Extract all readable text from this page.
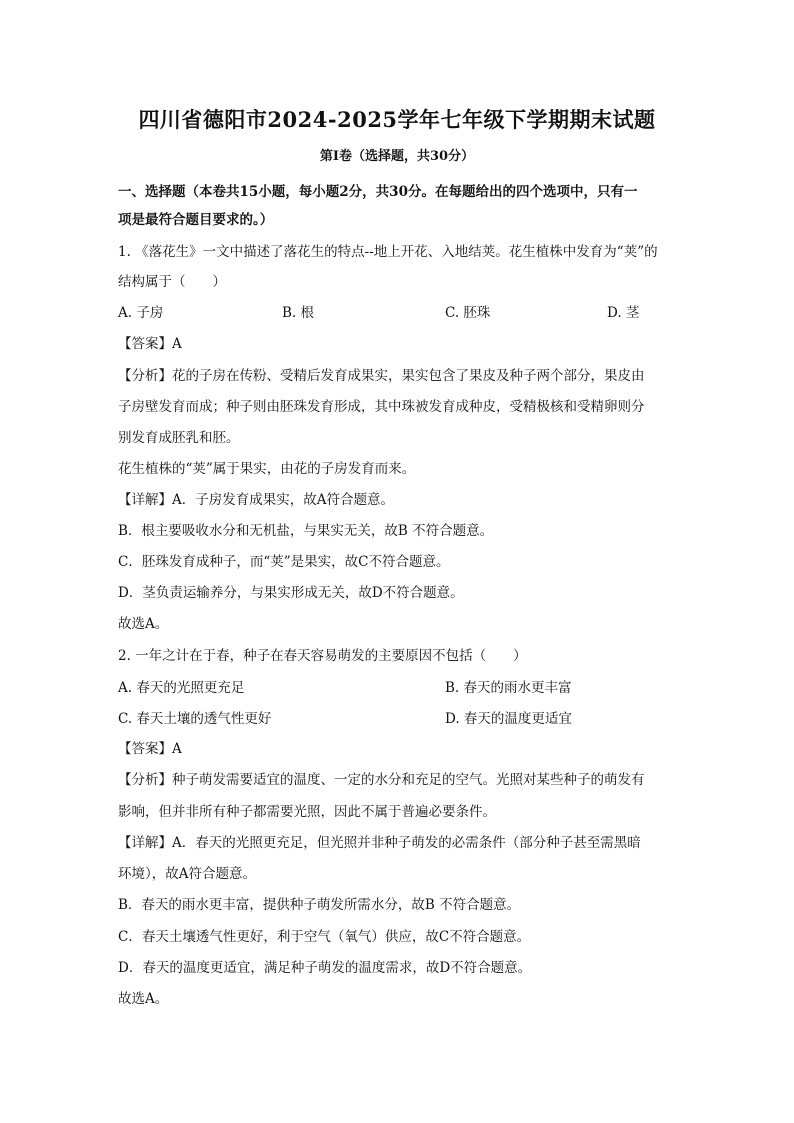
四川省德阳市2024-2025学年七年级下学期期末试题
第I卷（选择题，共30分）
一、选择题（本卷共15小题，每小题2分，共30分。在每题给出的四个选项中，只有一
项是最符合题目要求的。）
1. 《落花生》一文中描述了落花生的特点--地上开花、入地结荚。花生植株中发育为“荚”的
结构属于（　　）
A. 子房	B. 根	C. 胚珠	D. 茎
【答案】A
【分析】花的子房在传粉、受精后发育成果实，果实包含了果皮及种子两个部分，果皮由
子房壁发育而成；种子则由胚珠发育形成，其中珠被发育成种皮，受精极核和受精卵则分
别发育成胚乳和胚。
花生植株的“荚”属于果实，由花的子房发育而来。
【详解】A．子房发育成果实，故A符合题意。
B．根主要吸收水分和无机盐，与果实无关，故B 不符合题意。
C．胚珠发育成种子，而“荚”是果实，故C不符合题意。
D．茎负责运输养分，与果实形成无关，故D不符合题意。
故选A。
2. 一年之计在于春，种子在春天容易萌发的主要原因不包括（　　）
A. 春天的光照更充足	B. 春天的雨水更丰富
C. 春天土壤的透气性更好	D. 春天的温度更适宜
【答案】A
【分析】种子萌发需要适宜的温度、一定的水分和充足的空气。光照对某些种子的萌发有
影响，但并非所有种子都需要光照，因此不属于普遍必要条件。
【详解】A．春天的光照更充足，但光照并非种子萌发的必需条件（部分种子甚至需黑暗
环境），故A符合题意。
B．春天的雨水更丰富，提供种子萌发所需水分，故B 不符合题意。
C．春天土壤透气性更好，利于空气（氧气）供应，故C不符合题意。
D．春天的温度更适宜，满足种子萌发的温度需求，故D不符合题意。
故选A。
